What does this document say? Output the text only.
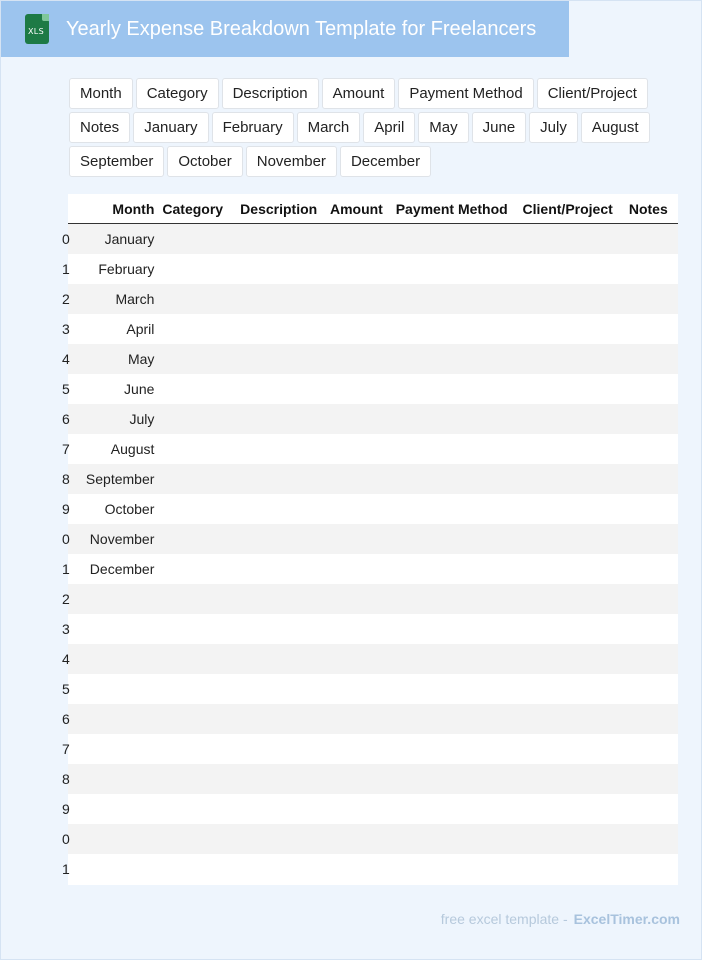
XLS Yearly Expense Breakdown Template for Freelancers
Month	Category	Description	Amount	Payment Method	Client/Project
Notes	January	February	March	April	May	June	July	August
September	October	November	December
	Month	Category	Description	Amount	Payment Method	Client/Project	Notes
0	January						
1	February						
2	March						
3	April						
4	May						
5	June						
6	July						
7	August						
8	September						
9	October						
0	November						
1	December						
2							
3							
4							
5							
6							
7							
8							
9							
0							
1							
free excel template - ExcelTimer.com
